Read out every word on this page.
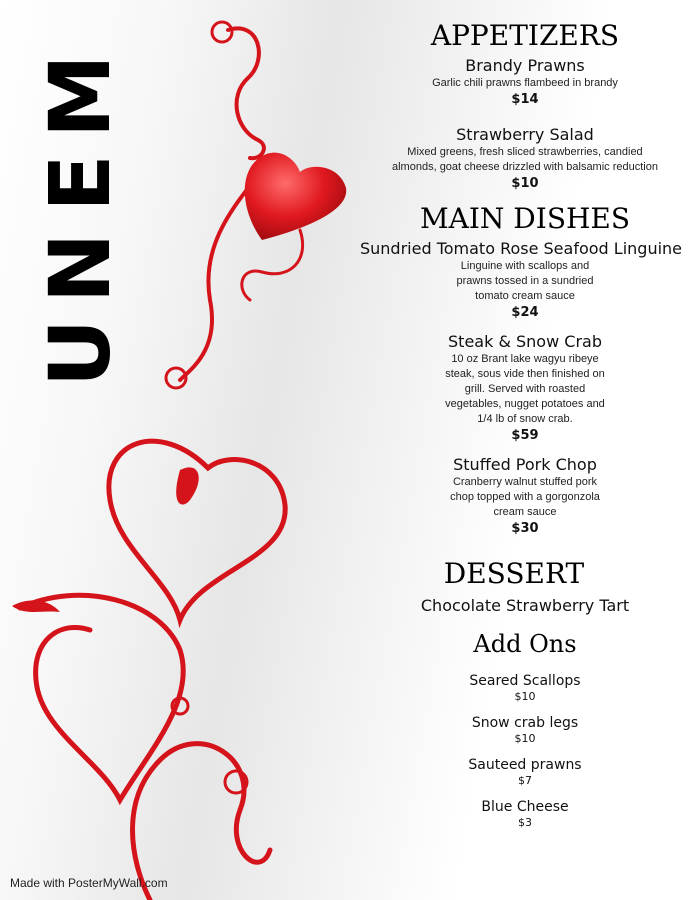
M
E
N
U
APPETIZERS
Brandy Prawns
Garlic chili prawns flambeed in brandy
$14
Strawberry Salad
Mixed greens, fresh sliced strawberries, candied almonds, goat cheese drizzled with balsamic reduction
$10
MAIN DISHES
Sundried Tomato Rose Seafood Linguine
Linguine with scallops and prawns tossed in a sundried tomato cream sauce
$24
Steak & Snow Crab
10 oz Brant lake wagyu ribeye steak, sous vide then finished on grill. Served with roasted vegetables, nugget potatoes and 1/4 lb of snow crab.
$59
Stuffed Pork Chop
Cranberry walnut stuffed pork chop topped with a gorgonzola cream sauce
$30
DESSERT
Chocolate Strawberry Tart
Add Ons
Seared Scallops
$10
Snow crab legs
$10
Sauteed prawns
$7
Blue Cheese
$3
Made with PosterMyWall.com
